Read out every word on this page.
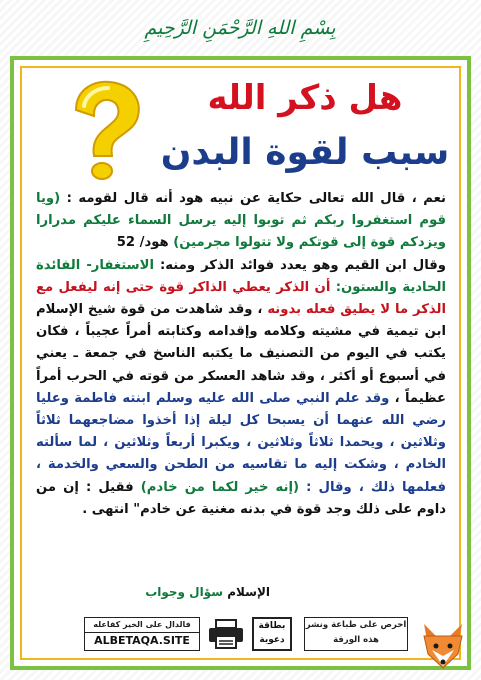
بِسْمِ اللهِ الرَّحْمَنِ الرَّحِيمِ
هل ذكر الله
سبب لقوة البدن

نعم ، قال الله تعالى حكاية عن نبيه هود أنه قال لقومه : (ويا قوم استغفروا ربكم ثم توبوا إليه يرسل السماء عليكم مدرارا ويزدكم قوة إلى قوتكم ولا تتولوا مجرمين) هود/ 52

وقال ابن القيم وهو يعدد فوائد الذكر ومنه: الاستغفار- الفائدة الحادية والستون: أن الذكر يعطي الذاكر قوة حتى إنه ليفعل مع الذكر ما لا يطيق فعله بدونه ، وقد شاهدت من قوة شيخ الإسلام ابن تيمية في مشيته وكلامه وإقدامه وكتابته أمراً عجيباً ، فكان يكتب في اليوم من التصنيف ما يكتبه الناسخ في جمعة ـ يعني في أسبوع أو أكثر ، وقد شاهد العسكر من قوته في الحرب أمراً عظيماً ، وقد علم النبي صلى الله عليه وسلم ابنته فاطمة وعليا رضي الله عنهما أن يسبحا كل ليلة إذا أخذوا مضاجعهما ثلاثاً وثلاثين ، ويحمدا ثلاثاً وثلاثين ، ويكبرا أربعاً وثلاثين ، لما سألته الخادم ، وشكت إليه ما تقاسيه من الطحن والسعي والخدمة ، فعلمها ذلك ، وقال : (إنه خير لكما من خادم) فقيل : إن من داوم على ذلك وجد قوة في بدنه مغنية عن خادم" انتهى .

الإسلام سؤال وجواب
فالدال على الخير كفاعله
ALBETAQA.SITE
بطاقة دعوية
احرص على طباعة ونشر هذه الورقة
